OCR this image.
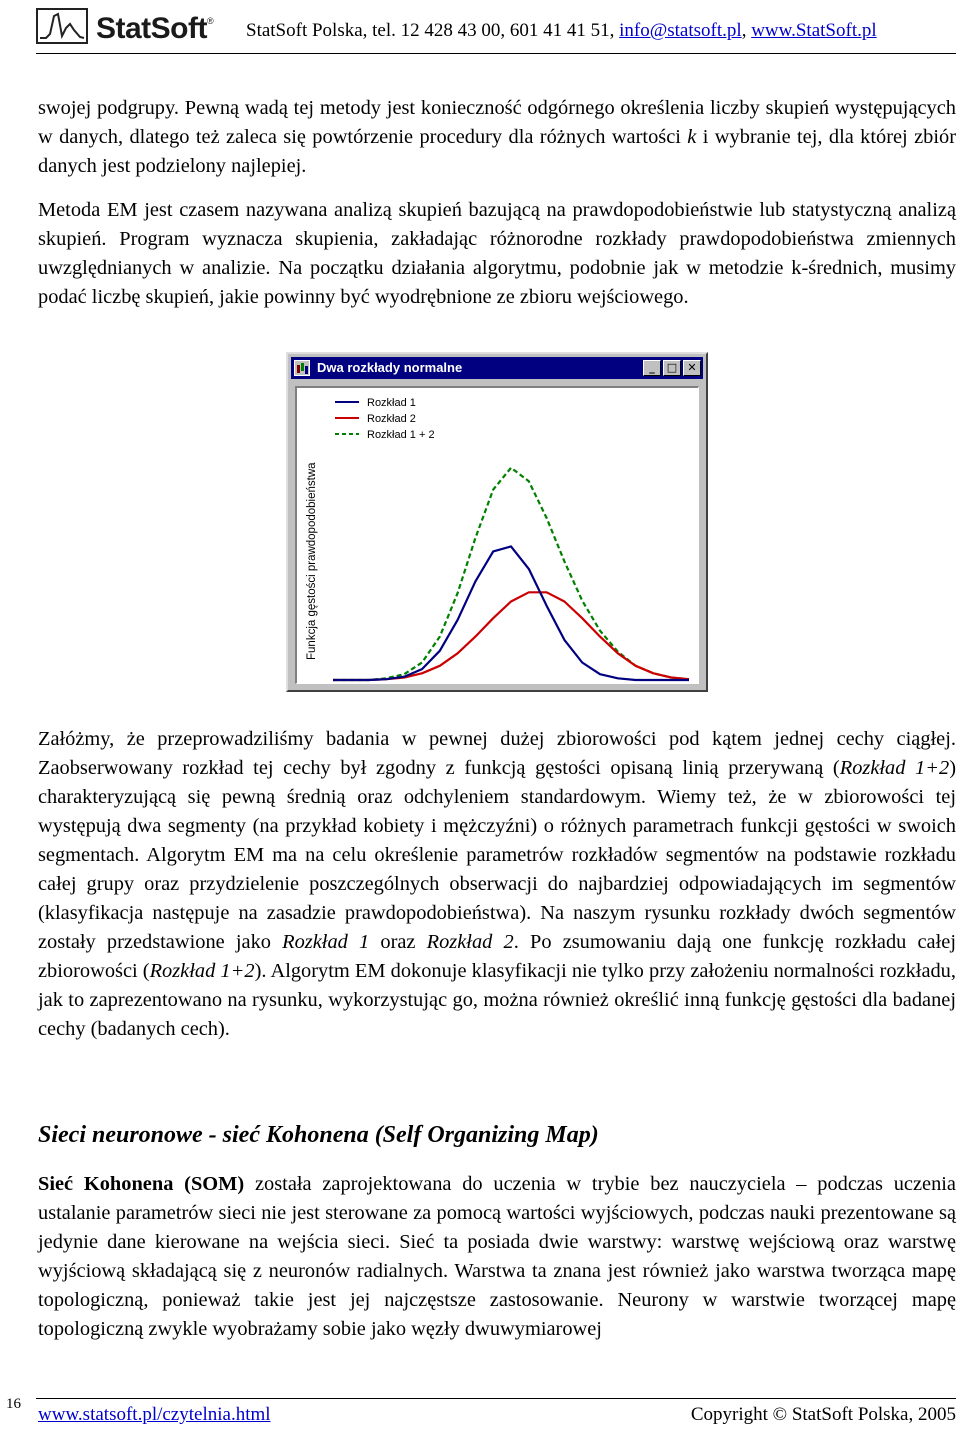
StatSoft® StatSoft Polska, tel. 12 428 43 00, 601 41 41 51, info@statsoft.pl, www.StatSoft.pl

swojej podgrupy. Pewną wadą tej metody jest konieczność odgórnego określenia liczby skupień występujących w danych, dlatego też zaleca się powtórzenie procedury dla różnych wartości k i wybranie tej, dla której zbiór danych jest podzielony najlepiej.

Metoda EM jest czasem nazywana analizą skupień bazującą na prawdopodobieństwie lub statystyczną analizą skupień. Program wyznacza skupienia, zakładając różnorodne rozkłady prawdopodobieństwa zmiennych uwzględnianych w analizie. Na początku działania algorytmu, podobnie jak w metodzie k-średnich, musimy podać liczbę skupień, jakie powinny być wyodrębnione ze zbioru wejściowego.

Dwa rozkłady normalne	_	□ ✕
Funkcja gęstości prawdopodobieństwa
Rozkład 1
Rozkład 2
Rozkład 1 + 2

Załóżmy, że przeprowadziliśmy badania w pewnej dużej zbiorowości pod kątem jednej cechy ciągłej. Zaobserwowany rozkład tej cechy był zgodny z funkcją gęstości opisaną linią przerywaną (Rozkład 1+2) charakteryzującą się pewną średnią oraz odchyleniem standardowym. Wiemy też, że w zbiorowości tej występują dwa segmenty (na przykład kobiety i mężczyźni) o różnych parametrach funkcji gęstości w swoich segmentach. Algorytm EM ma na celu określenie parametrów rozkładów segmentów na podstawie rozkładu całej grupy oraz przydzielenie poszczególnych obserwacji do najbardziej odpowiadających im segmentów (klasyfikacja następuje na zasadzie prawdopodobieństwa). Na naszym rysunku rozkłady dwóch segmentów zostały przedstawione jako Rozkład 1 oraz Rozkład 2. Po zsumowaniu dają one funkcję rozkładu całej zbiorowości (Rozkład 1+2). Algorytm EM dokonuje klasyfikacji nie tylko przy założeniu normalności rozkładu, jak to zaprezentowano na rysunku, wykorzystując go, można również określić inną funkcję gęstości dla badanej cechy (badanych cech).

Sieci neuronowe - sieć Kohonena (Self Organizing Map)

Sieć Kohonena (SOM) została zaprojektowana do uczenia w trybie bez nauczyciela – podczas uczenia ustalanie parametrów sieci nie jest sterowane za pomocą wartości wyjściowych, podczas nauki prezentowane są jedynie dane kierowane na wejścia sieci. Sieć ta posiada dwie warstwy: warstwę wejściową oraz warstwę wyjściową składającą się z neuronów radialnych. Warstwa ta znana jest również jako warstwa tworząca mapę topologiczną, ponieważ takie jest jej najczęstsze zastosowanie. Neurony w warstwie tworzącej mapę topologiczną zwykle wyobrażamy sobie jako węzły dwuwymiarowej

16 www.statsoft.pl/czytelnia.html	Copyright © StatSoft Polska, 2005
